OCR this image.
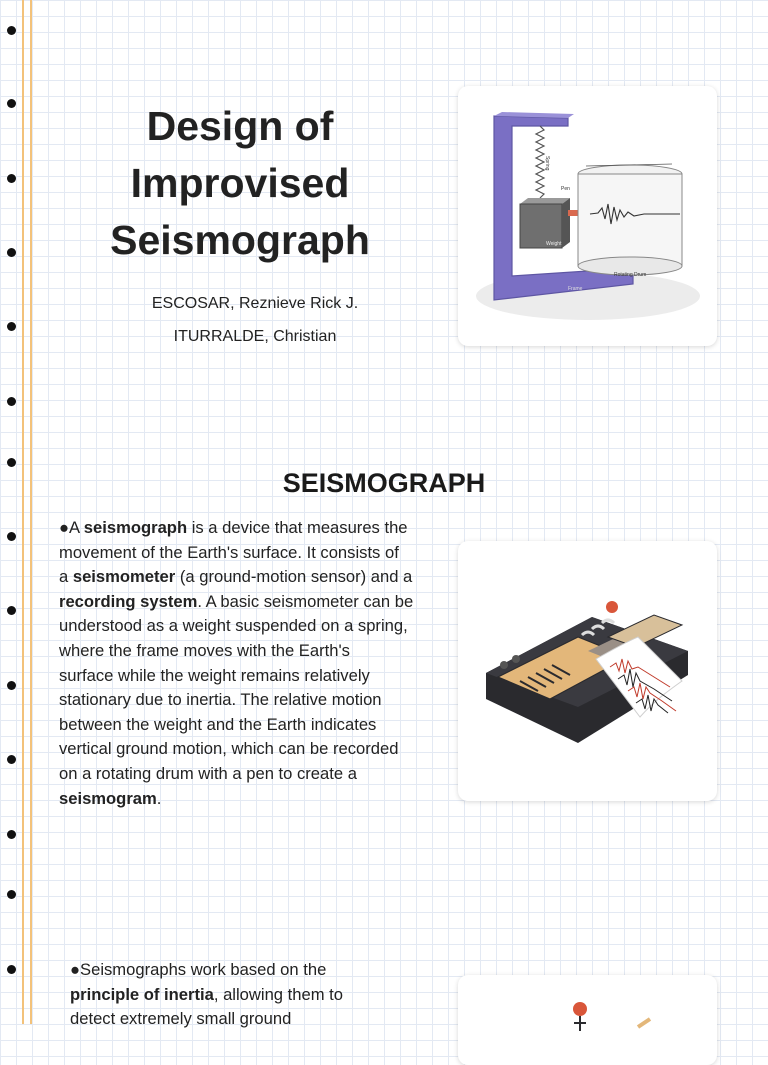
Design of
Improvised
Seismograph
ESCOSAR, Reznieve Rick J.
ITURRALDE, Christian
Spring
Pen
Weight
Rotating Drum
Frame
SEISMOGRAPH
●A seismograph is a device that measures the
movement of the Earth's surface. It consists of
a seismometer (a ground-motion sensor) and a
recording system. A basic seismometer can be
understood as a weight suspended on a spring,
where the frame moves with the Earth's
surface while the weight remains relatively
stationary due to inertia. The relative motion
between the weight and the Earth indicates
vertical ground motion, which can be recorded
on a rotating drum with a pen to create a
seismogram.
●Seismographs work based on the
principle of inertia, allowing them to
detect extremely small ground
